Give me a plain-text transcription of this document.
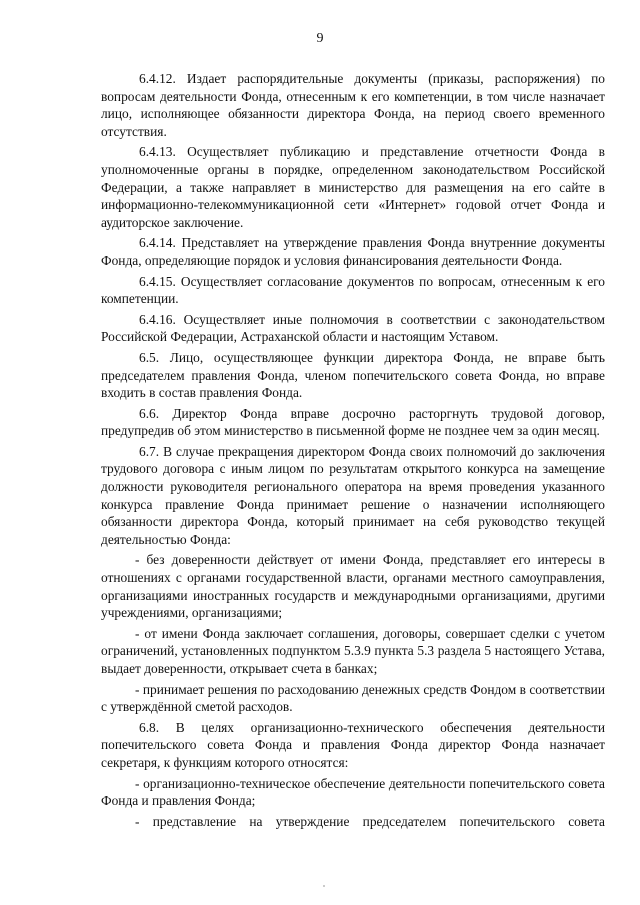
9

6.4.12. Издает распорядительные документы (приказы, распоряжения) по вопросам деятельности Фонда, отнесенным к его компетенции, в том числе назначает лицо, исполняющее обязанности директора Фонда, на период своего временного отсутствия.

6.4.13. Осуществляет публикацию и представление отчетности Фонда в уполномоченные органы в порядке, определенном законодательством Российской Федерации, а также направляет в министерство для размещения на его сайте в информационно-телекоммуникационной сети «Интернет» годовой отчет Фонда и аудиторское заключение.

6.4.14. Представляет на утверждение правления Фонда внутренние документы Фонда, определяющие порядок и условия финансирования деятельности Фонда.

6.4.15. Осуществляет согласование документов по вопросам, отнесенным к его компетенции.

6.4.16. Осуществляет иные полномочия в соответствии с законодательством Российской Федерации, Астраханской области и настоящим Уставом.

6.5. Лицо, осуществляющее функции директора Фонда, не вправе быть председателем правления Фонда, членом попечительского совета Фонда, но вправе входить в состав правления Фонда.

6.6. Директор Фонда вправе досрочно расторгнуть трудовой договор, предупредив об этом министерство в письменной форме не позднее чем за один месяц.

6.7. В случае прекращения директором Фонда своих полномочий до заключения трудового договора с иным лицом по результатам открытого конкурса на замещение должности руководителя регионального оператора на время проведения указанного конкурса правление Фонда принимает решение о назначении исполняющего обязанности директора Фонда, который принимает на себя руководство текущей деятельностью Фонда:

- без доверенности действует от имени Фонда, представляет его интересы в отношениях с органами государственной власти, органами местного самоуправления, организациями иностранных государств и международными организациями, другими учреждениями, организациями;

- от имени Фонда заключает соглашения, договоры, совершает сделки с учетом ограничений, установленных подпунктом 5.3.9 пункта 5.3 раздела 5 настоящего Устава, выдает доверенности, открывает счета в банках;

- принимает решения по расходованию денежных средств Фондом в соответствии с утверждённой сметой расходов.

6.8. В целях организационно-технического обеспечения деятельности попечительского совета Фонда и правления Фонда директор Фонда назначает секретаря, к функциям которого относятся:

- организационно-техническое обеспечение деятельности попечительского совета Фонда и правления Фонда;

- представление на утверждение председателем попечительского совета
